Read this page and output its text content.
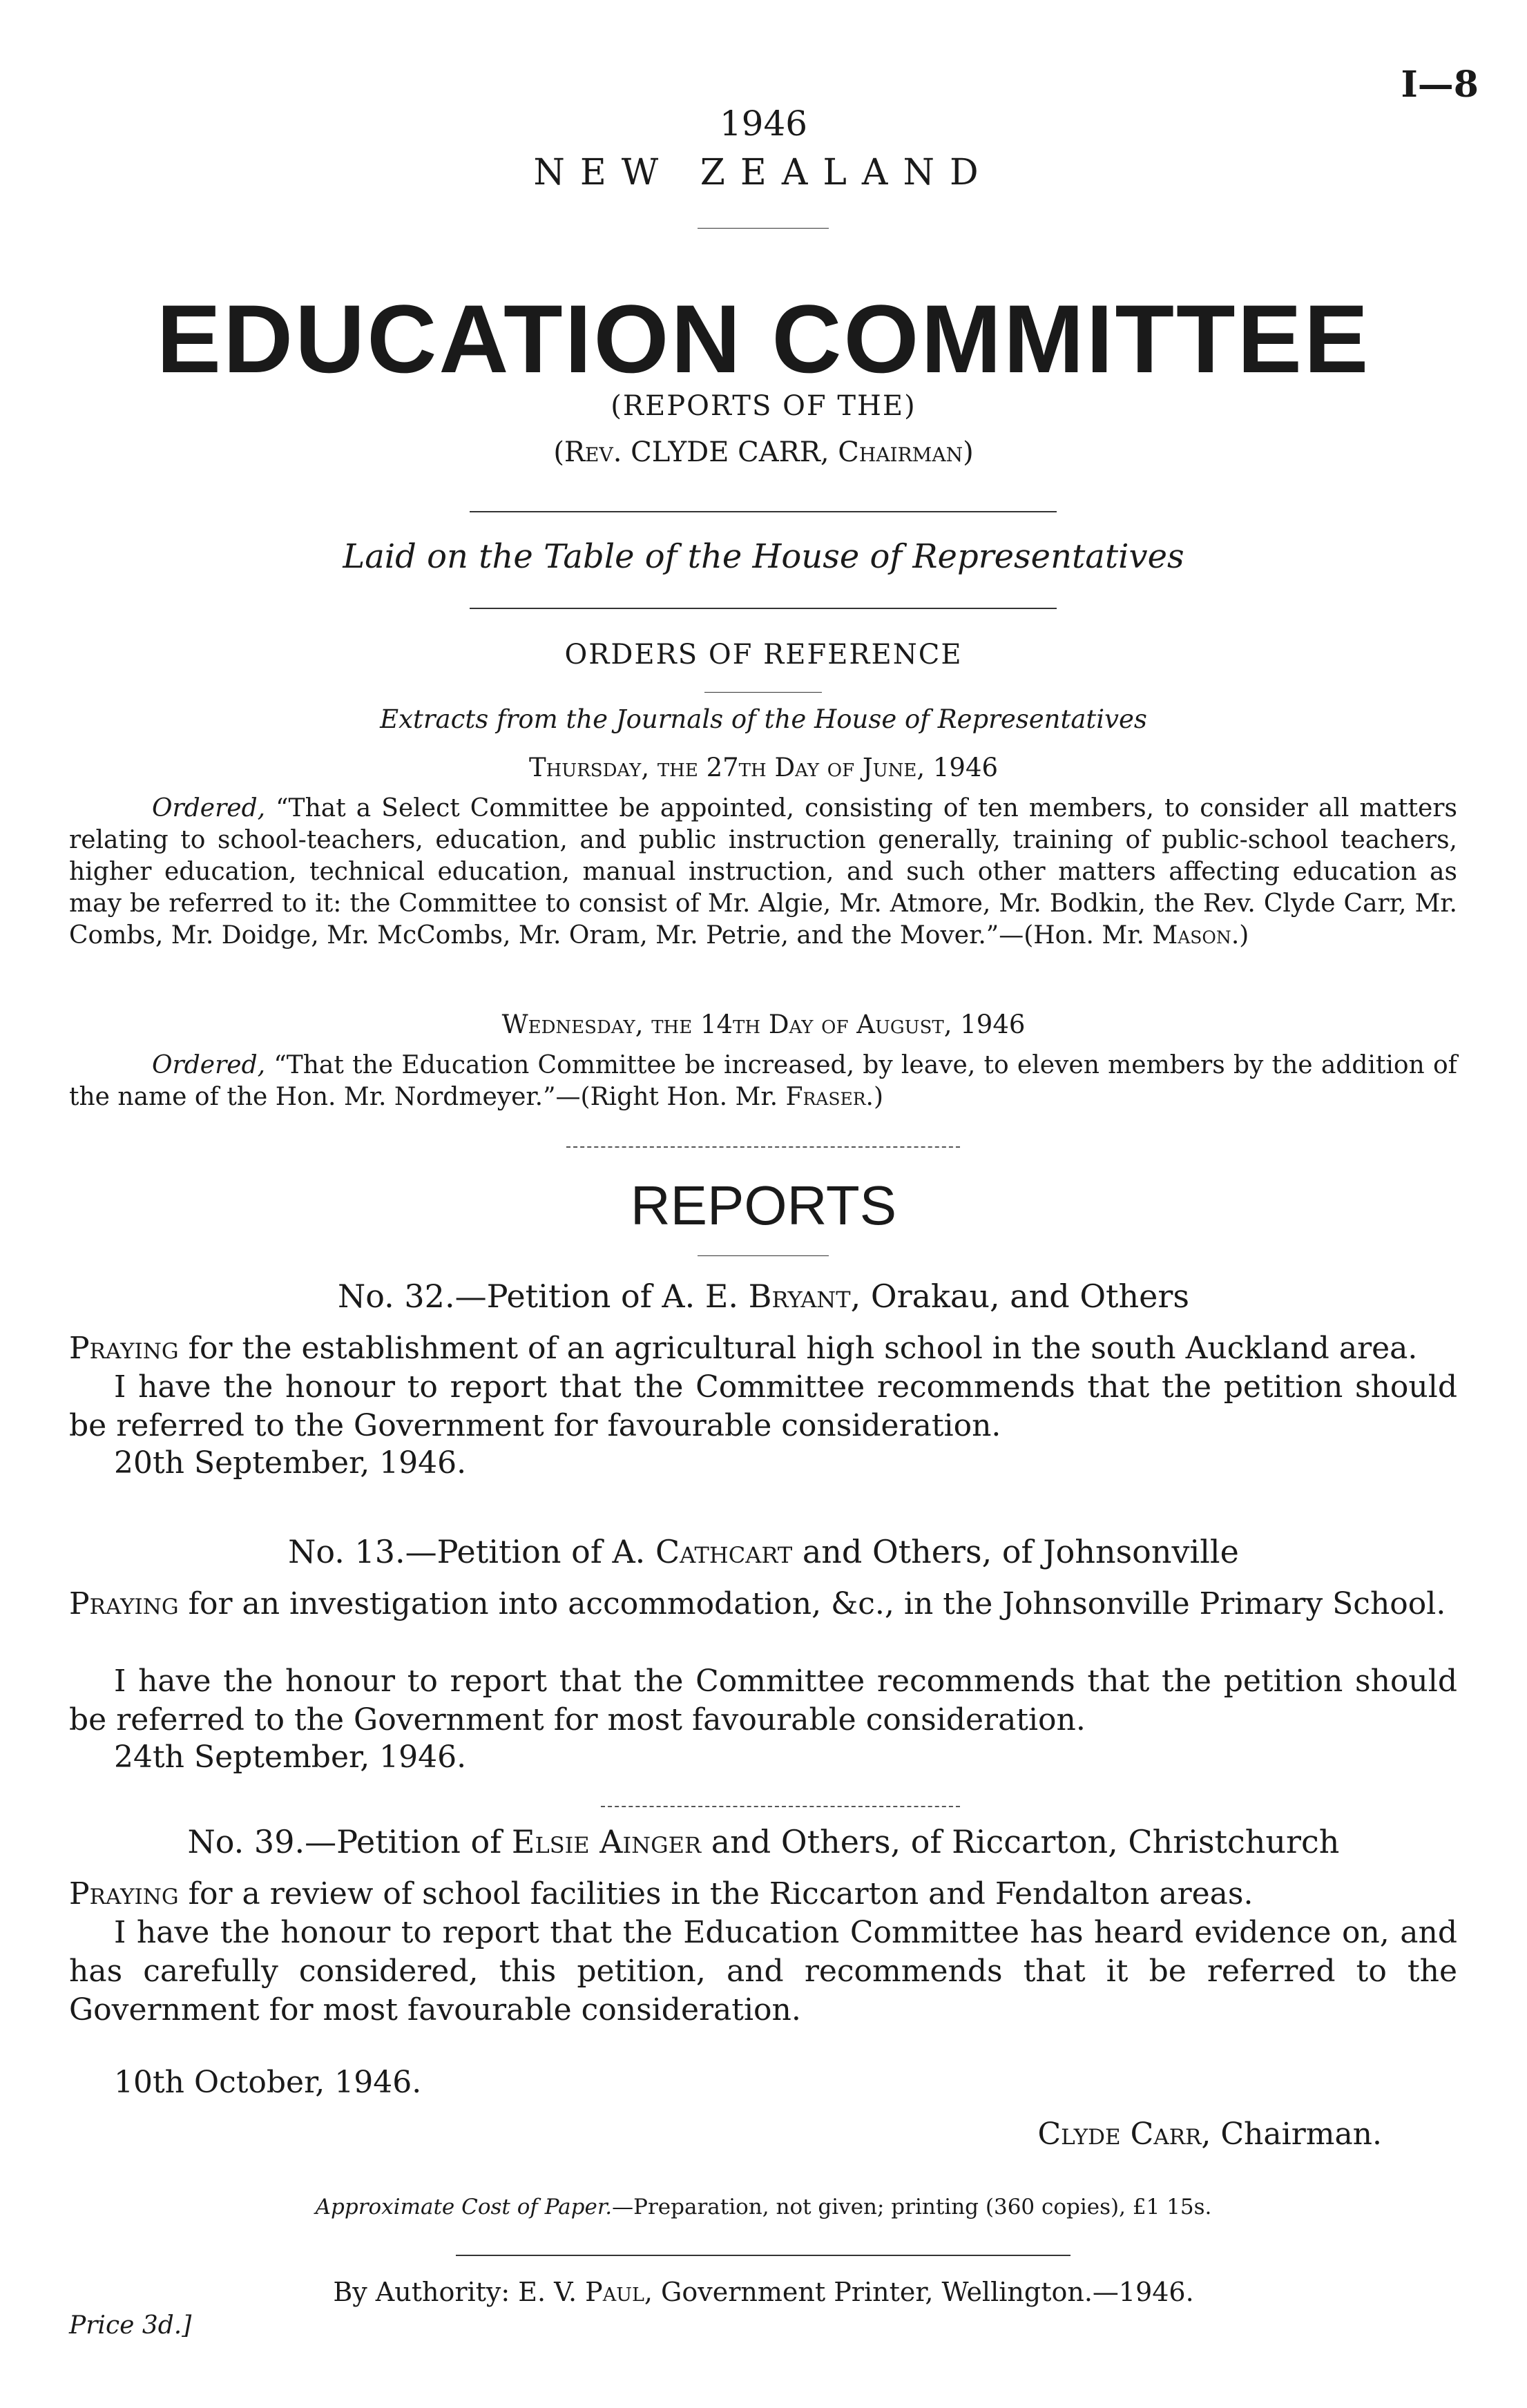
I—8
1946
NEW ZEALAND
EDUCATION COMMITTEE
(REPORTS OF THE)
(Rev. CLYDE CARR, Chairman)
Laid on the Table of the House of Representatives
ORDERS OF REFERENCE
Extracts from the Journals of the House of Representatives
Thursday, the 27th Day of June, 1946
Ordered, “That a Select Committee be appointed, consisting of ten members, to consider all matters relating to school-teachers, education, and public instruction generally, training of public-school teachers, higher education, technical education, manual instruction, and such other matters affecting education as may be referred to it: the Committee to consist of Mr. Algie, Mr. Atmore, Mr. Bodkin, the Rev. Clyde Carr, Mr. Combs, Mr. Doidge, Mr. McCombs, Mr. Oram, Mr. Petrie, and the Mover.”—(Hon. Mr. Mason.)
Wednesday, the 14th Day of August, 1946
Ordered, “That the Education Committee be increased, by leave, to eleven members by the addition of the name of the Hon. Mr. Nordmeyer.”—(Right Hon. Mr. Fraser.)
REPORTS
No. 32.—Petition of A. E. Bryant, Orakau, and Others
Praying for the establishment of an agricultural high school in the south Auckland area.
I have the honour to report that the Committee recommends that the petition should be referred to the Government for favourable consideration.
20th September, 1946.
No. 13.—Petition of A. Cathcart and Others, of Johnsonville
Praying for an investigation into accommodation, &c., in the Johnsonville Primary School.
I have the honour to report that the Committee recommends that the petition should be referred to the Government for most favourable consideration.
24th September, 1946.
No. 39.—Petition of Elsie Ainger and Others, of Riccarton, Christchurch
Praying for a review of school facilities in the Riccarton and Fendalton areas.
I have the honour to report that the Education Committee has heard evidence on, and has carefully considered, this petition, and recommends that it be referred to the Government for most favourable consideration.
10th October, 1946.
Clyde Carr, Chairman.
Approximate Cost of Paper.—Preparation, not given; printing (360 copies), £1 15s.
By Authority: E. V. Paul, Government Printer, Wellington.—1946.
Price 3d.]
